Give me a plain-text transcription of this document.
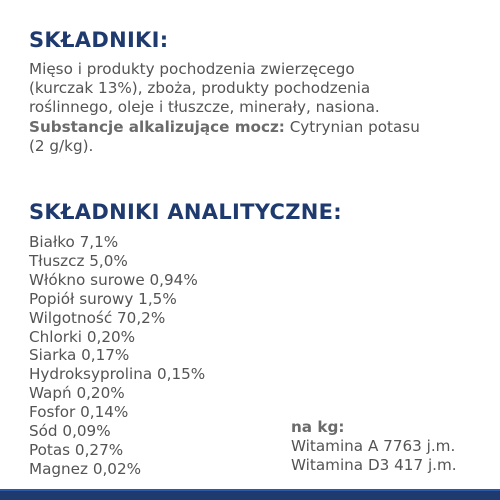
SKŁADNIKI:
Mięso i produkty pochodzenia zwierzęcego
(kurczak 13%), zboża, produkty pochodzenia
roślinnego, oleje i tłuszcze, minerały, nasiona.
Substancje alkalizujące mocz: Cytrynian potasu
(2 g/kg).
SKŁADNIKI ANALITYCZNE:
Białko 7,1%
Tłuszcz 5,0%
Włókno surowe 0,94%
Popiół surowy 1,5%
Wilgotność 70,2%
Chlorki 0,20%
Siarka 0,17%
Hydroksyprolina 0,15%
Wapń 0,20%
Fosfor 0,14%
Sód 0,09%
Potas 0,27%
Magnez 0,02%
na kg:
Witamina A 7763 j.m.
Witamina D3 417 j.m.
